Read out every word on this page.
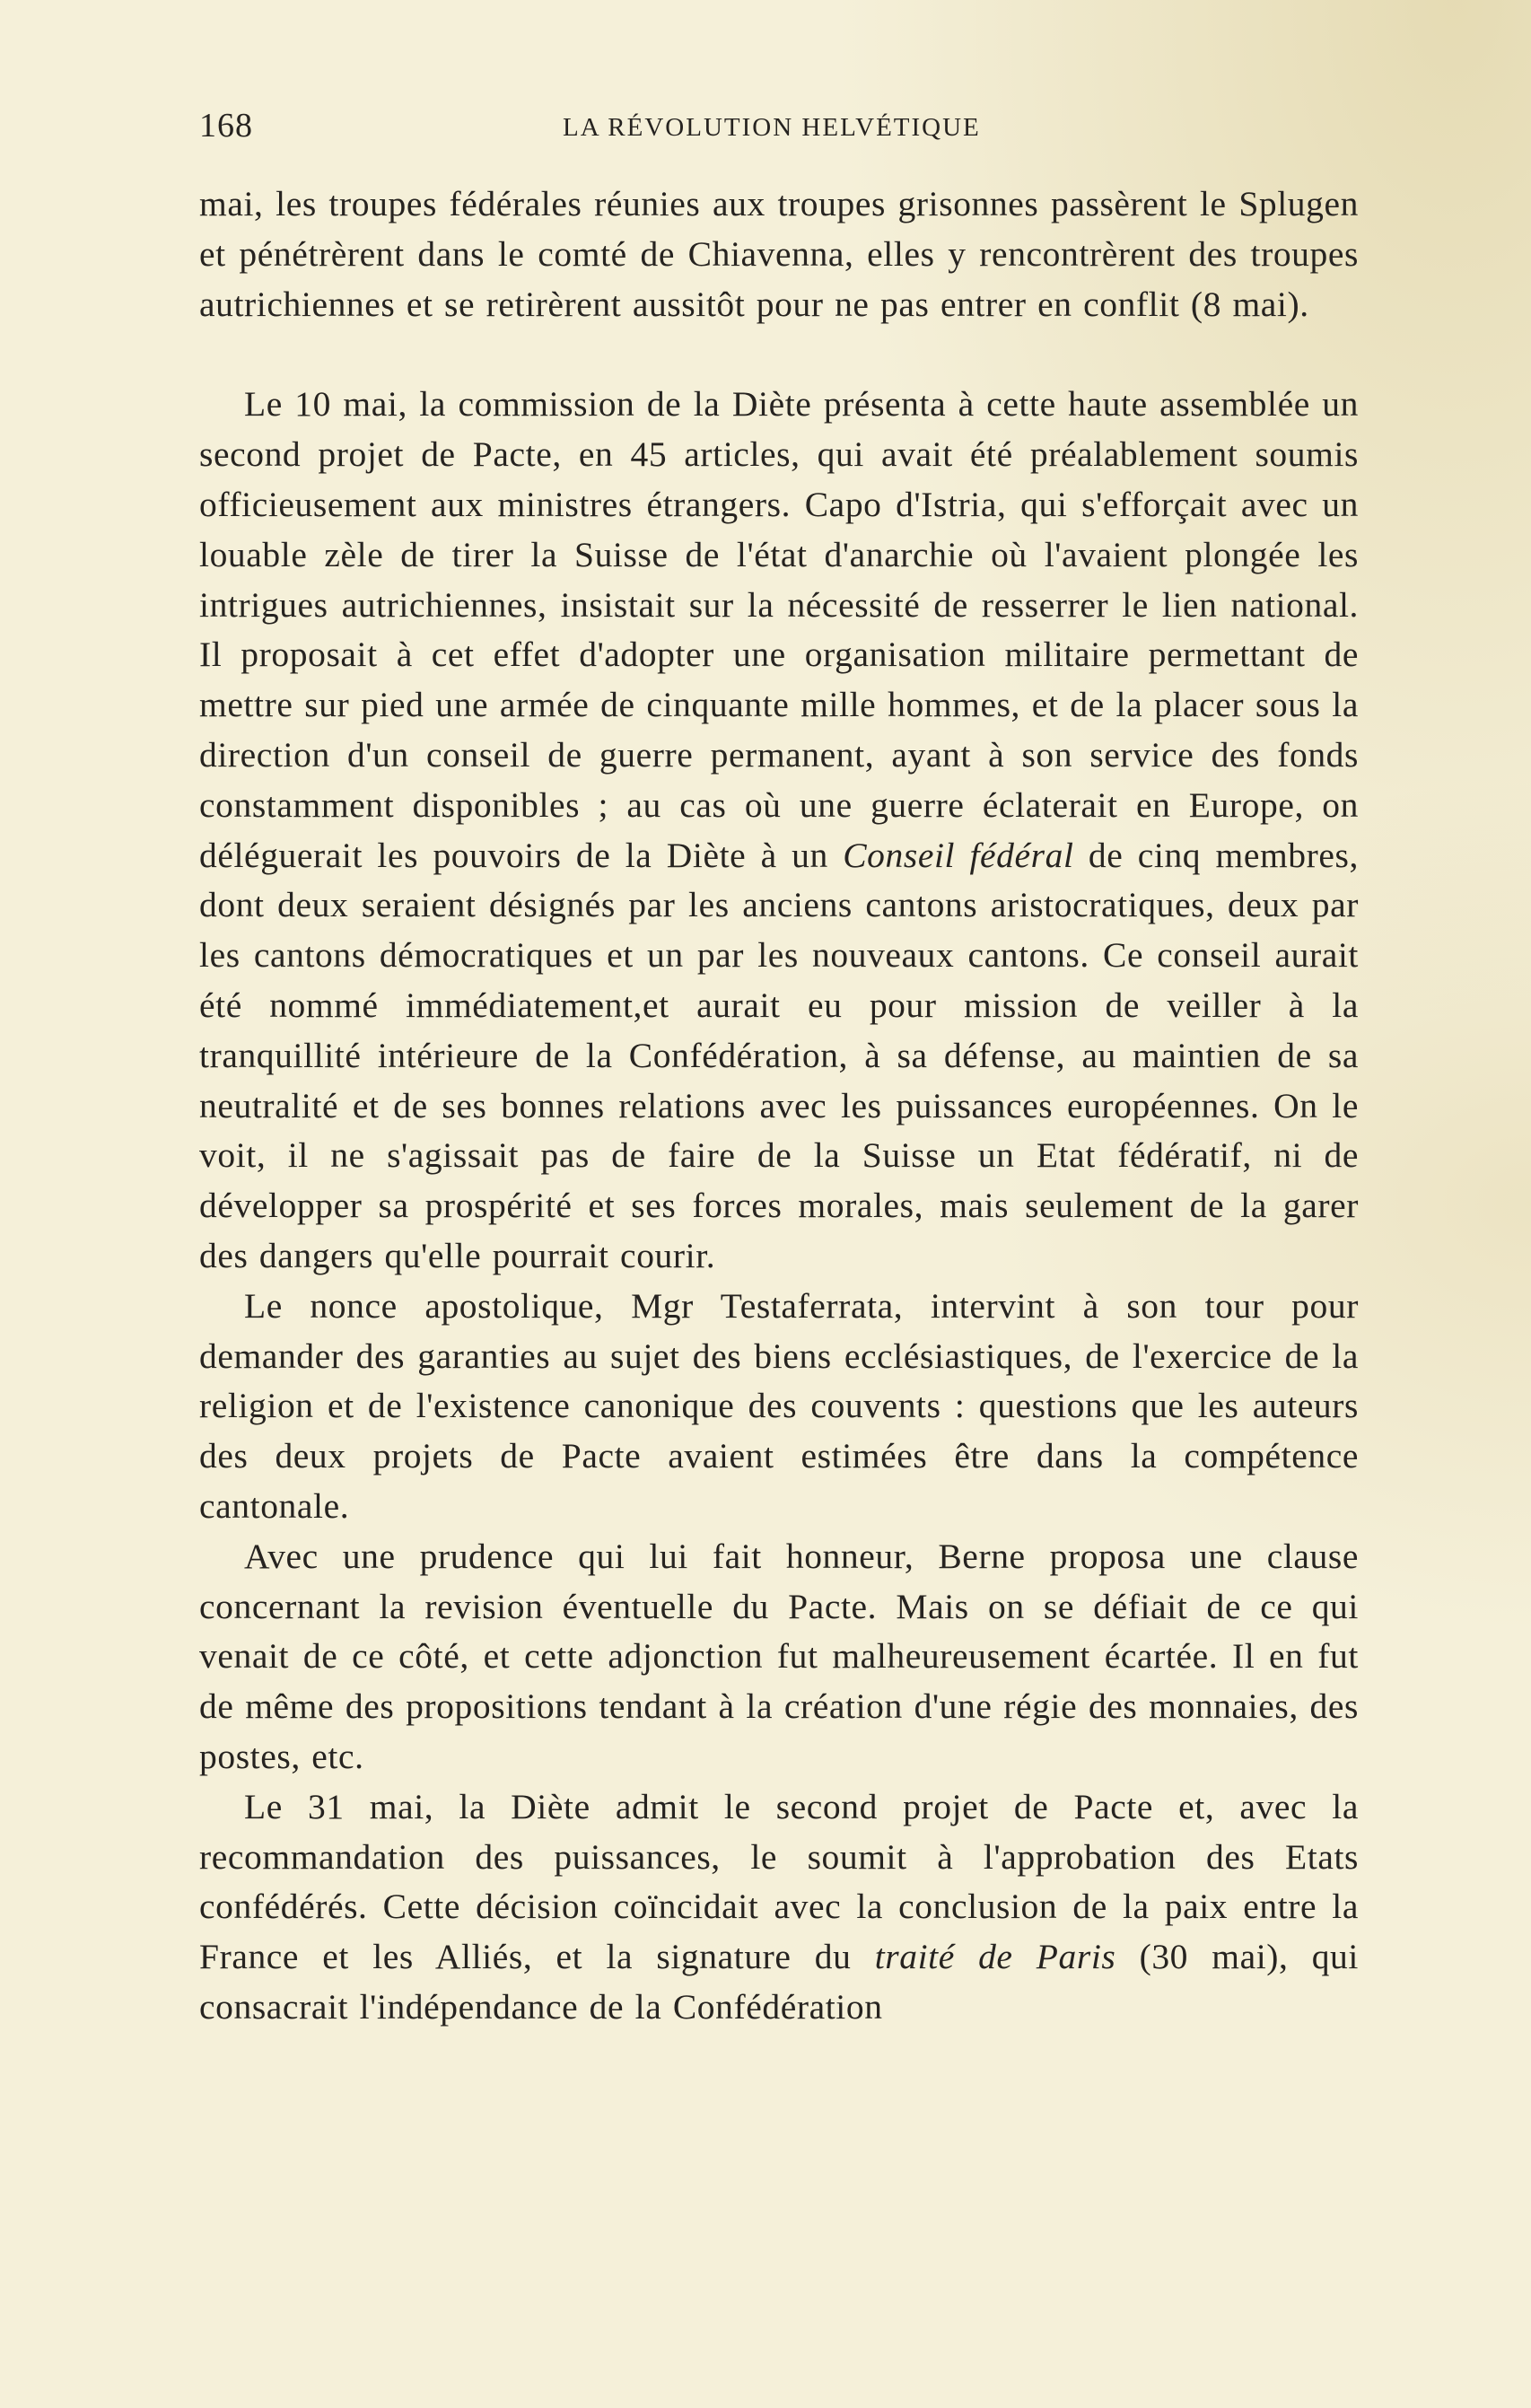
168	LA RÉVOLUTION HELVÉTIQUE

mai, les troupes fédérales réunies aux troupes grisonnes passèrent le Splugen et pénétrèrent dans le comté de Chiavenna, elles y rencontrèrent des troupes autrichiennes et se retirèrent aussitôt pour ne pas entrer en conflit (8 mai).

Le 10 mai, la commission de la Diète présenta à cette haute assemblée un second projet de Pacte, en 45 articles, qui avait été préalablement soumis officieusement aux ministres étrangers. Capo d'Istria, qui s'efforçait avec un louable zèle de tirer la Suisse de l'état d'anarchie où l'avaient plongée les intrigues autrichiennes, insistait sur la nécessité de resserrer le lien national. Il proposait à cet effet d'adopter une organisation militaire permettant de mettre sur pied une armée de cinquante mille hommes, et de la placer sous la direction d'un conseil de guerre permanent, ayant à son service des fonds constamment disponibles ; au cas où une guerre éclaterait en Europe, on déléguerait les pouvoirs de la Diète à un Conseil fédéral de cinq membres, dont deux seraient désignés par les anciens cantons aristocratiques, deux par les cantons démocratiques et un par les nouveaux cantons. Ce conseil aurait été nommé immédiatement,et aurait eu pour mission de veiller à la tranquillité intérieure de la Confédération, à sa défense, au maintien de sa neutralité et de ses bonnes relations avec les puissances européennes. On le voit, il ne s'agissait pas de faire de la Suisse un Etat fédératif, ni de développer sa prospérité et ses forces morales, mais seulement de la garer des dangers qu'elle pourrait courir.

Le nonce apostolique, Mgr Testaferrata, intervint à son tour pour demander des garanties au sujet des biens ecclésiastiques, de l'exercice de la religion et de l'existence canonique des couvents : questions que les auteurs des deux projets de Pacte avaient estimées être dans la compétence cantonale.

Avec une prudence qui lui fait honneur, Berne proposa une clause concernant la revision éventuelle du Pacte. Mais on se défiait de ce qui venait de ce côté, et cette adjonction fut malheureusement écartée. Il en fut de même des propositions tendant à la création d'une régie des monnaies, des postes, etc.

Le 31 mai, la Diète admit le second projet de Pacte et, avec la recommandation des puissances, le soumit à l'approbation des Etats confédérés. Cette décision coïncidait avec la conclusion de la paix entre la France et les Alliés, et la signature du traité de Paris (30 mai), qui consacrait l'indépendance de la Confédération
